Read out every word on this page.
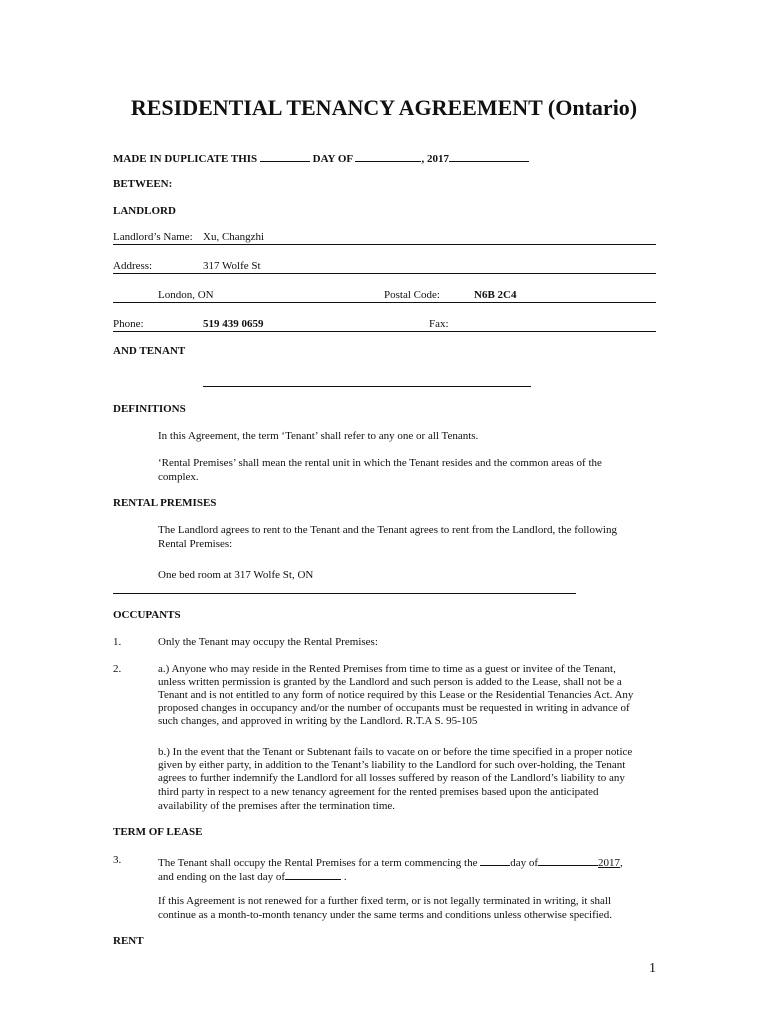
RESIDENTIAL TENANCY AGREEMENT (Ontario)
MADE IN DUPLICATE THIS	DAY OF	, 2017
BETWEEN:
LANDLORD
Landlord’s Name: Xu, Changzhi
Address:	317 Wolfe St
London, ON	Postal Code:	N6B 2C4
Phone:	519 439 0659	Fax:
AND TENANT
DEFINITIONS
In this Agreement, the term ‘Tenant’ shall refer to any one or all Tenants.
‘Rental Premises’ shall mean the rental unit in which the Tenant resides and the common areas of the
complex.
RENTAL PREMISES
The Landlord agrees to rent to the Tenant and the Tenant agrees to rent from the Landlord, the following
Rental Premises:
One bed room at 317 Wolfe St, ON
OCCUPANTS
1.	Only the Tenant may occupy the Rental Premises:
2.	a.) Anyone who may reside in the Rented Premises from time to time as a guest or invitee of the Tenant,
unless written permission is granted by the Landlord and such person is added to the Lease, shall not be a
Tenant and is not entitled to any form of notice required by this Lease or the Residential Tenancies Act. Any
proposed changes in occupancy and/or the number of occupants must be requested in writing in advance of
such changes, and approved in writing by the Landlord. R.T.A S. 95-105
b.) In the event that the Tenant or Subtenant fails to vacate on or before the time specified in a proper notice
given by either party, in addition to the Tenant’s liability to the Landlord for such over-holding, the Tenant
agrees to further indemnify the Landlord for all losses suffered by reason of the Landlord’s liability to any
third party in respect to a new tenancy agreement for the rented premises based upon the anticipated
availability of the premises after the termination time.
TERM OF LEASE
3.	The Tenant shall occupy the Rental Premises for a term commencing the	day of	2017,
and ending on the last day of	.
If this Agreement is not renewed for a further fixed term, or is not legally terminated in writing, it shall
continue as a month-to-month tenancy under the same terms and conditions unless otherwise specified.
RENT
1
